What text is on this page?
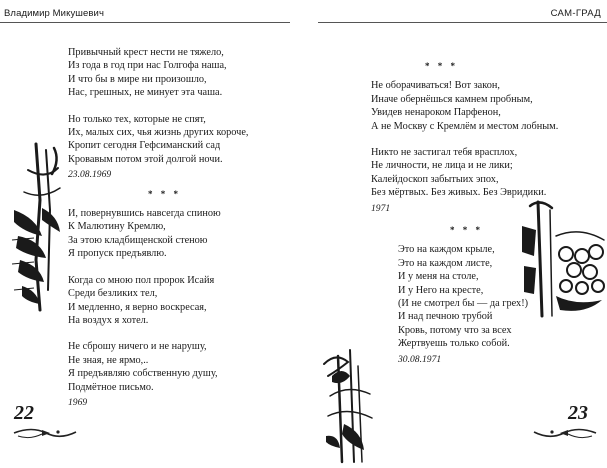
Владимир Микушевич	САМ-ГРАД
Привычный крест нести не тяжело,
Из года в год при нас Голгофа наша,
И что бы в мире ни произошло,
Нас, грешных, не минует эта чаша.
Но только тех, которые не спят,
Их, малых сих, чья жизнь других короче,
Кропит сегодня Гефсиманский сад
Кровавым потом этой долгой ночи.
23.08.1969
* * *
И, повернувшись навсегда спиною
К Малютину Кремлю,
За этою кладбищенской стеною
Я пропуск предъявлю.
Когда со мною пол пророк Исайя
Среди безликих тел,
И медленно, я верно воскресая,
На воздух я хотел.
Не сброшу ничего и не нарушу,
Не зная, не ярмо,..
Я предъявляю собственную душу,
Подмётное письмо.
1969
* * *
Не оборачиваться! Вот закон,
Иначе обернёшься камнем пробным,
Увидев ненароком Парфенон,
А не Москву с Кремлём и местом лобным.
Никто не застигал тебя врасплох,
Не личности, не лица и не лики;
Калейдоскоп забытыих эпох,
Без мёртвых. Без живых. Без Эвридики.
1971
* * *
Это на каждом крыле,
Это на каждом листе,
И у меня на столе,
И у Него на кресте,
(И не смотрел бы — да грех!)
И над печною трубой
Кровь, потому что за всех
Жертвуешь только собой.
30.08.1971
22	23
